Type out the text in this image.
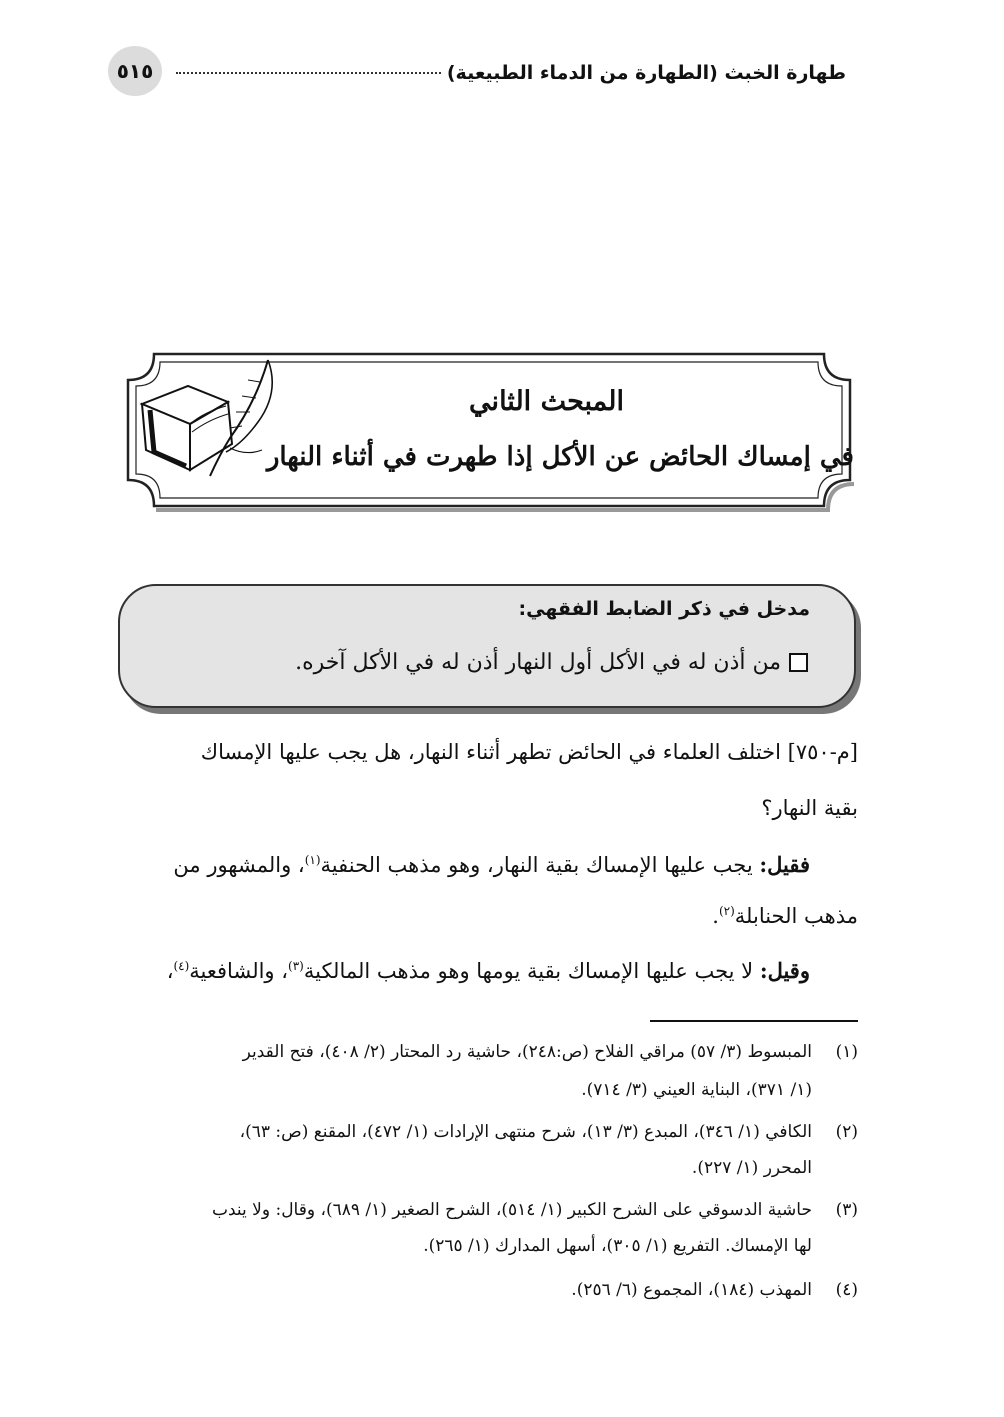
طهارة الخبث (الطهارة من الدماء الطبيعية)
٥١٥
المبحث الثاني
في إمساك الحائض عن الأكل إذا طهرت في أثناء النهار
مدخل في ذكر الضابط الفقهي:
من أذن له في الأكل أول النهار أذن له في الأكل آخره.
[م-٧٥٠] اختلف العلماء في الحائض تطهر أثناء النهار، هل يجب عليها الإمساك
بقية النهار؟
فقيل: يجب عليها الإمساك بقية النهار، وهو مذهب الحنفية$^{(١)}$، والمشهور من
مذهب الحنابلة$^{(٢)}$.
وقيل: لا يجب عليها الإمساك بقية يومها وهو مذهب المالكية$^{(٣)}$، والشافعية$^{(٤)}$،
(١)المبسوط (٣/ ٥٧) مراقي الفلاح (ص:٢٤٨)، حاشية رد المحتار (٢/ ٤٠٨)، فتح القدير
(١/ ٣٧١)، البناية العيني (٣/ ٧١٤).
(٢)الكافي (١/ ٣٤٦)، المبدع (٣/ ١٣)، شرح منتهى الإرادات (١/ ٤٧٢)، المقنع (ص: ٦٣)،
المحرر (١/ ٢٢٧).
(٣)حاشية الدسوقي على الشرح الكبير (١/ ٥١٤)، الشرح الصغير (١/ ٦٨٩)، وقال: ولا يندب
لها الإمساك. التفريع (١/ ٣٠٥)، أسهل المدارك (١/ ٢٦٥).
(٤)المهذب (١٨٤)، المجموع (٦/ ٢٥٦).
